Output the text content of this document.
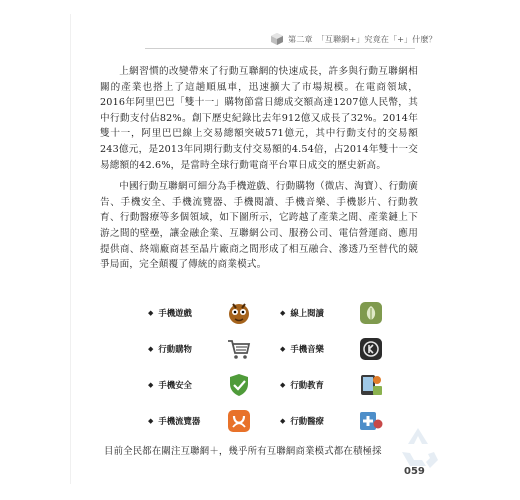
第二章 「互聯網+」究竟在「+」什麼？

上網習慣的改變帶來了行動互聯網的快速成長，許多與行動互聯網相關的產業也搭上了這趟順風車，迅速擴大了市場規模。在電商領域，2016年阿里巴巴「雙十一」購物節當日總成交額高達1207億人民幣，其中行動支付佔82%。創下歷史紀錄比去年912億又成長了32%。2014年雙十一，阿里巴巴線上交易總額突破571億元，其中行動支付的交易額243億元，是2013年同期行動支付交易額的4.54倍，占2014年雙十一交易總額的42.6%，是當時全球行動電商平台單日成交的歷史新高。

中國行動互聯網可細分為手機遊戲、行動購物（微店、淘寶）、行動廣告、手機安全、手機流覽器、手機閱讀、手機音樂、手機影片、行動教育、行動醫療等多個領域，如下圖所示，它跨越了產業之間、產業鏈上下游之間的壁壘，讓金融企業、互聯網公司、服務公司、電信營運商、應用提供商、終端廠商甚至晶片廠商之間形成了相互融合、滲透乃至替代的競爭局面，完全顛覆了傳統的商業模式。

◆ 手機遊戲	◆ 線上閱讀
◆ 行動購物	◆ 手機音樂
◆ 手機安全	◆ 行動教育
◆ 手機流覽器	◆ 行動醫療
目前全民都在關注互聯網＋，幾乎所有互聯網商業模式都在積極採
059
